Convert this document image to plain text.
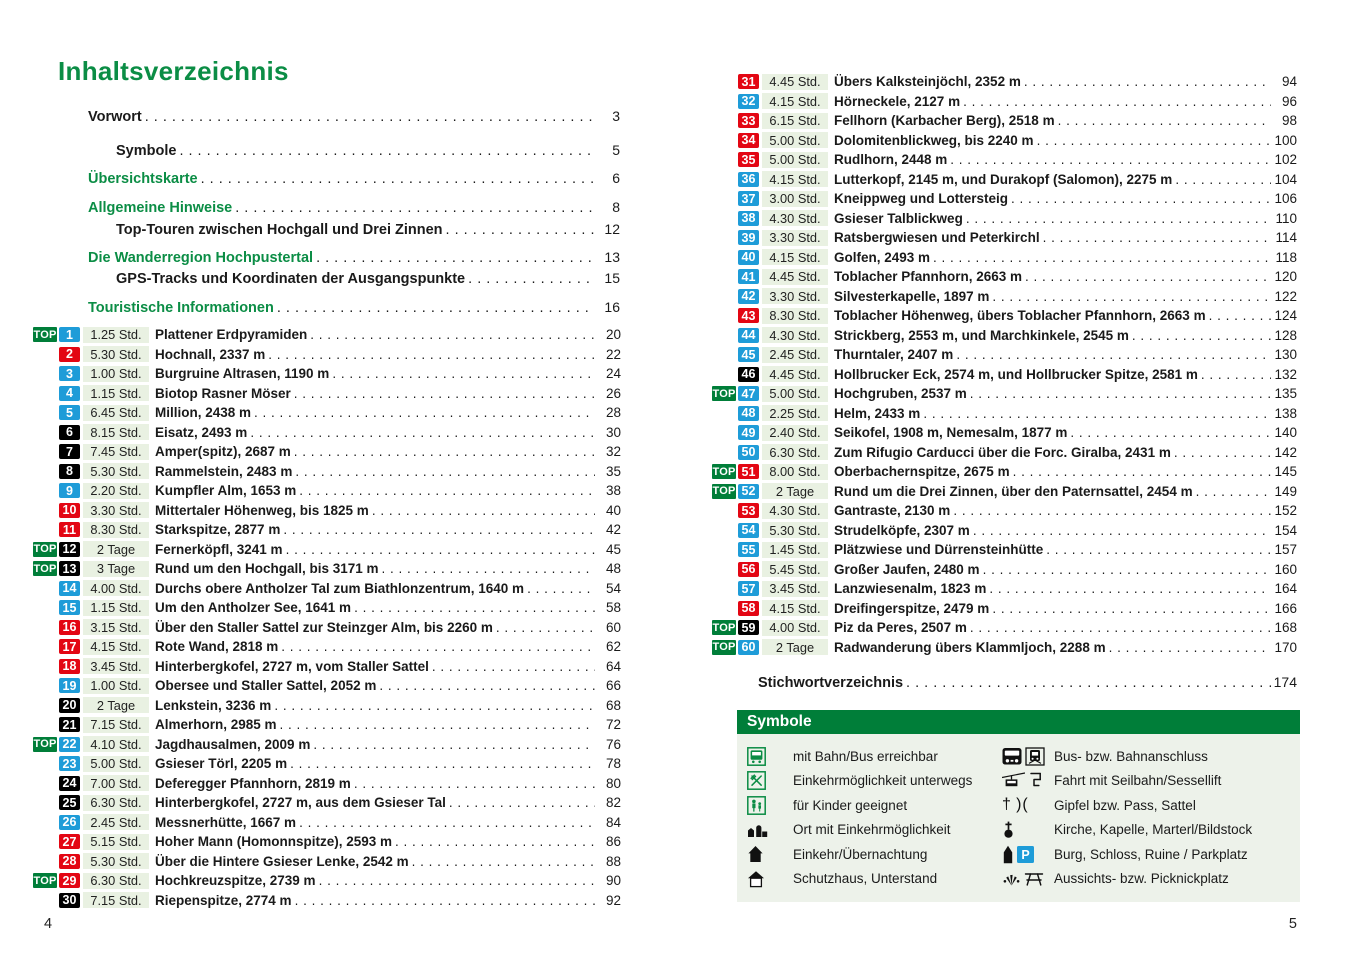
Inhaltsverzeichnis
Vorwort . . .	3
Symbole . . .	5
Übersichtskarte . . .	6
Allgemeine Hinweise . . .	8
Top-Touren zwischen Hochgall und Drei Zinnen . . .	12
Die Wanderregion Hochpustertal . . .	13
GPS-Tracks und Koordinaten der Ausgangspunkte . . .	15
Touristische Informationen . . .	16
TOP 1	1.25 Std. Plattener Erdpyramiden . . .	20
2	5.30 Std. Hochnall, 2337 m . . .	22
3	1.00 Std. Burgruine Altrasen, 1190 m . . .	24
4	1.15 Std. Biotop Rasner Möser . . .	26
5	6.45 Std. Million, 2438 m . . .	28
6	8.15 Std. Eisatz, 2493 m . . .	30
7	7.45 Std. Amper(spitz), 2687 m . . .	32
8	5.30 Std. Rammelstein, 2483 m . . .	35
9	2.20 Std. Kumpfler Alm, 1653 m . . .	38
10	3.30 Std. Mittertaler Höhenweg, bis 1825 m . . .	40
11	8.30 Std. Starkspitze, 2877 m . . .	42
TOP 12	2 Tage	Fernerköpfl, 3241 m . . .	45
TOP 13	3 Tage	Rund um den Hochgall, bis 3171 m . . .	48
14	4.00 Std. Durchs obere Antholzer Tal zum Biathlonzentrum, 1640 m . . .	54
15	1.15 Std. Um den Antholzer See, 1641 m . . .	58
16	3.15 Std. Über den Staller Sattel zur Steinzger Alm, bis 2260 m . . .	60
17	4.15 Std. Rote Wand, 2818 m . . .	62
18	3.45 Std. Hinterbergkofel, 2727 m, vom Staller Sattel . . .	64
19	1.00 Std. Obersee und Staller Sattel, 2052 m . . .	66
20	2 Tage	Lenkstein, 3236 m . . .	68
21	7.15 Std. Almerhorn, 2985 m . . .	72
TOP 22	4.10 Std. Jagdhausalmen, 2009 m . . .	76
23	5.00 Std. Gsieser Törl, 2205 m . . .	78
24	7.00 Std. Deferegger Pfannhorn, 2819 m . . .	80
25	6.30 Std. Hinterbergkofel, 2727 m, aus dem Gsieser Tal . . .	82
26	2.45 Std. Messnerhütte, 1667 m . . .	84
27	5.15 Std. Hoher Mann (Homonnspitze), 2593 m . . .	86
28	5.30 Std. Über die Hintere Gsieser Lenke, 2542 m . . .	88
TOP 29	6.30 Std. Hochkreuzspitze, 2739 m . . .	90
30	7.15 Std. Riepenspitze, 2774 m . . .	92
31	4.45 Std. Übers Kalksteinjöchl, 2352 m . . .	94
32	4.15 Std. Hörneckele, 2127 m . . .	96
33	6.15 Std. Fellhorn (Karbacher Berg), 2518 m . . .	98
34	5.00 Std. Dolomitenblickweg, bis 2240 m . . .	100
35	5.00 Std. Rudlhorn, 2448 m . . .	102
36	4.15 Std. Lutterkopf, 2145 m, und Durakopf (Salomon), 2275 m . . .	104
37	3.00 Std. Kneippweg und Lottersteig . . .	106
38	4.30 Std. Gsieser Talblickweg . . .	110
39	3.30 Std. Ratsbergwiesen und Peterkirchl . . .	114
40	4.15 Std. Golfen, 2493 m . . .	118
41	4.45 Std. Toblacher Pfannhorn, 2663 m . . .	120
42	3.30 Std. Silvesterkapelle, 1897 m . . .	122
43	8.30 Std. Toblacher Höhenweg, übers Toblacher Pfannhorn, 2663 m . . .	124
44	4.30 Std. Strickberg, 2553 m, und Marchkinkele, 2545 m . . .	128
45	2.45 Std. Thurntaler, 2407 m . . .	130
46	4.45 Std. Hollbrucker Eck, 2574 m, und Hollbrucker Spitze, 2581 m . . .	132
TOP 47	5.00 Std. Hochgruben, 2537 m . . .	135
48	2.25 Std. Helm, 2433 m . . .	138
49	2.40 Std. Seikofel, 1908 m, Nemesalm, 1877 m . . .	140
50	6.30 Std. Zum Rifugio Carducci über die Forc. Giralba, 2431 m . . .	142
TOP 51	8.00 Std. Oberbachernspitze, 2675 m . . .	145
TOP 52	2 Tage	Rund um die Drei Zinnen, über den Paternsattel, 2454 m . . .	149
53	4.30 Std. Gantraste, 2130 m . . .	152
54	5.30 Std. Strudelköpfe, 2307 m . . .	154
55	1.45 Std. Plätzwiese und Dürrensteinhütte . . .	157
56	5.45 Std. Großer Jaufen, 2480 m . . .	160
57	3.45 Std. Lanzwiesenalm, 1823 m . . .	164
58	4.15 Std. Dreifingerspitze, 2479 m . . .	166
TOP 59	4.00 Std. Piz da Peres, 2507 m . . .	168
TOP 60	2 Tage	Radwanderung übers Klammljoch, 2288 m . . .	170
Stichwortverzeichnis . . .	174
Symbole
mit Bahn/Bus erreichbar
Einkehrmöglichkeit unterwegs
für Kinder geeignet
Ort mit Einkehrmöglichkeit
Einkehr/Übernachtung
Schutzhaus, Unterstand
Bus- bzw. Bahnanschluss
Fahrt mit Seilbahn/Sessellift
† )( Gipfel bzw. Pass, Sattel
Kirche, Kapelle, Marterl/Bildstock
P Burg, Schloss, Ruine / Parkplatz
Aussichts- bzw. Picknickplatz
4	5
